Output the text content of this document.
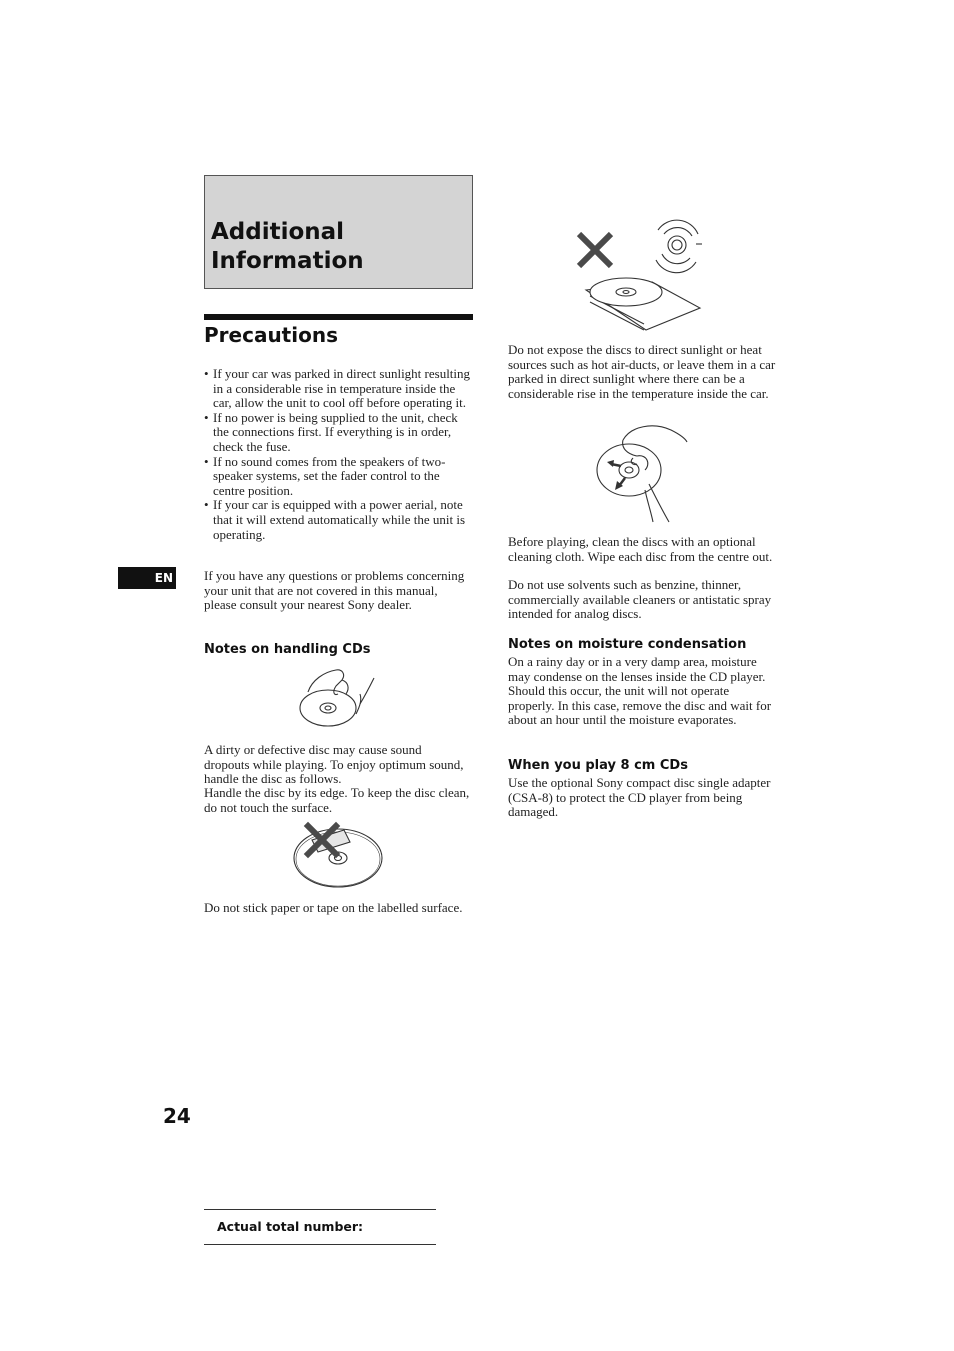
Additional
Information
Precautions
• If your car was parked in direct sunlight resulting in a considerable rise in temperature inside the car, allow the unit to cool off before operating it.
• If no power is being supplied to the unit, check the connections first. If everything is in order, check the fuse.
• If no sound comes from the speakers of two-speaker systems, set the fader control to the centre position.
• If your car is equipped with a power aerial, note that it will extend automatically while the unit is operating.
EN If you have any questions or problems concerning your unit that are not covered in this manual, please consult your nearest Sony dealer.

Notes on handling CDs

A dirty or defective disc may cause sound dropouts while playing. To enjoy optimum sound, handle the disc as follows.

Handle the disc by its edge. To keep the disc clean, do not touch the surface.

Do not stick paper or tape on the labelled surface.

Do not expose the discs to direct sunlight or heat sources such as hot air-ducts, or leave them in a car parked in direct sunlight where there can be a considerable rise in the temperature inside the car.

Before playing, clean the discs with an optional cleaning cloth. Wipe each disc from the centre out.

Do not use solvents such as benzine, thinner, commercially available cleaners or antistatic spray intended for analog discs.

Notes on moisture condensation

On a rainy day or in a very damp area, moisture may condense on the lenses inside the CD player. Should this occur, the unit will not operate properly. In this case, remove the disc and wait for about an hour until the moisture evaporates.

When you play 8 cm CDs

Use the optional Sony compact disc single adapter (CSA-8) to protect the CD player from being damaged.

24
Actual total number:
